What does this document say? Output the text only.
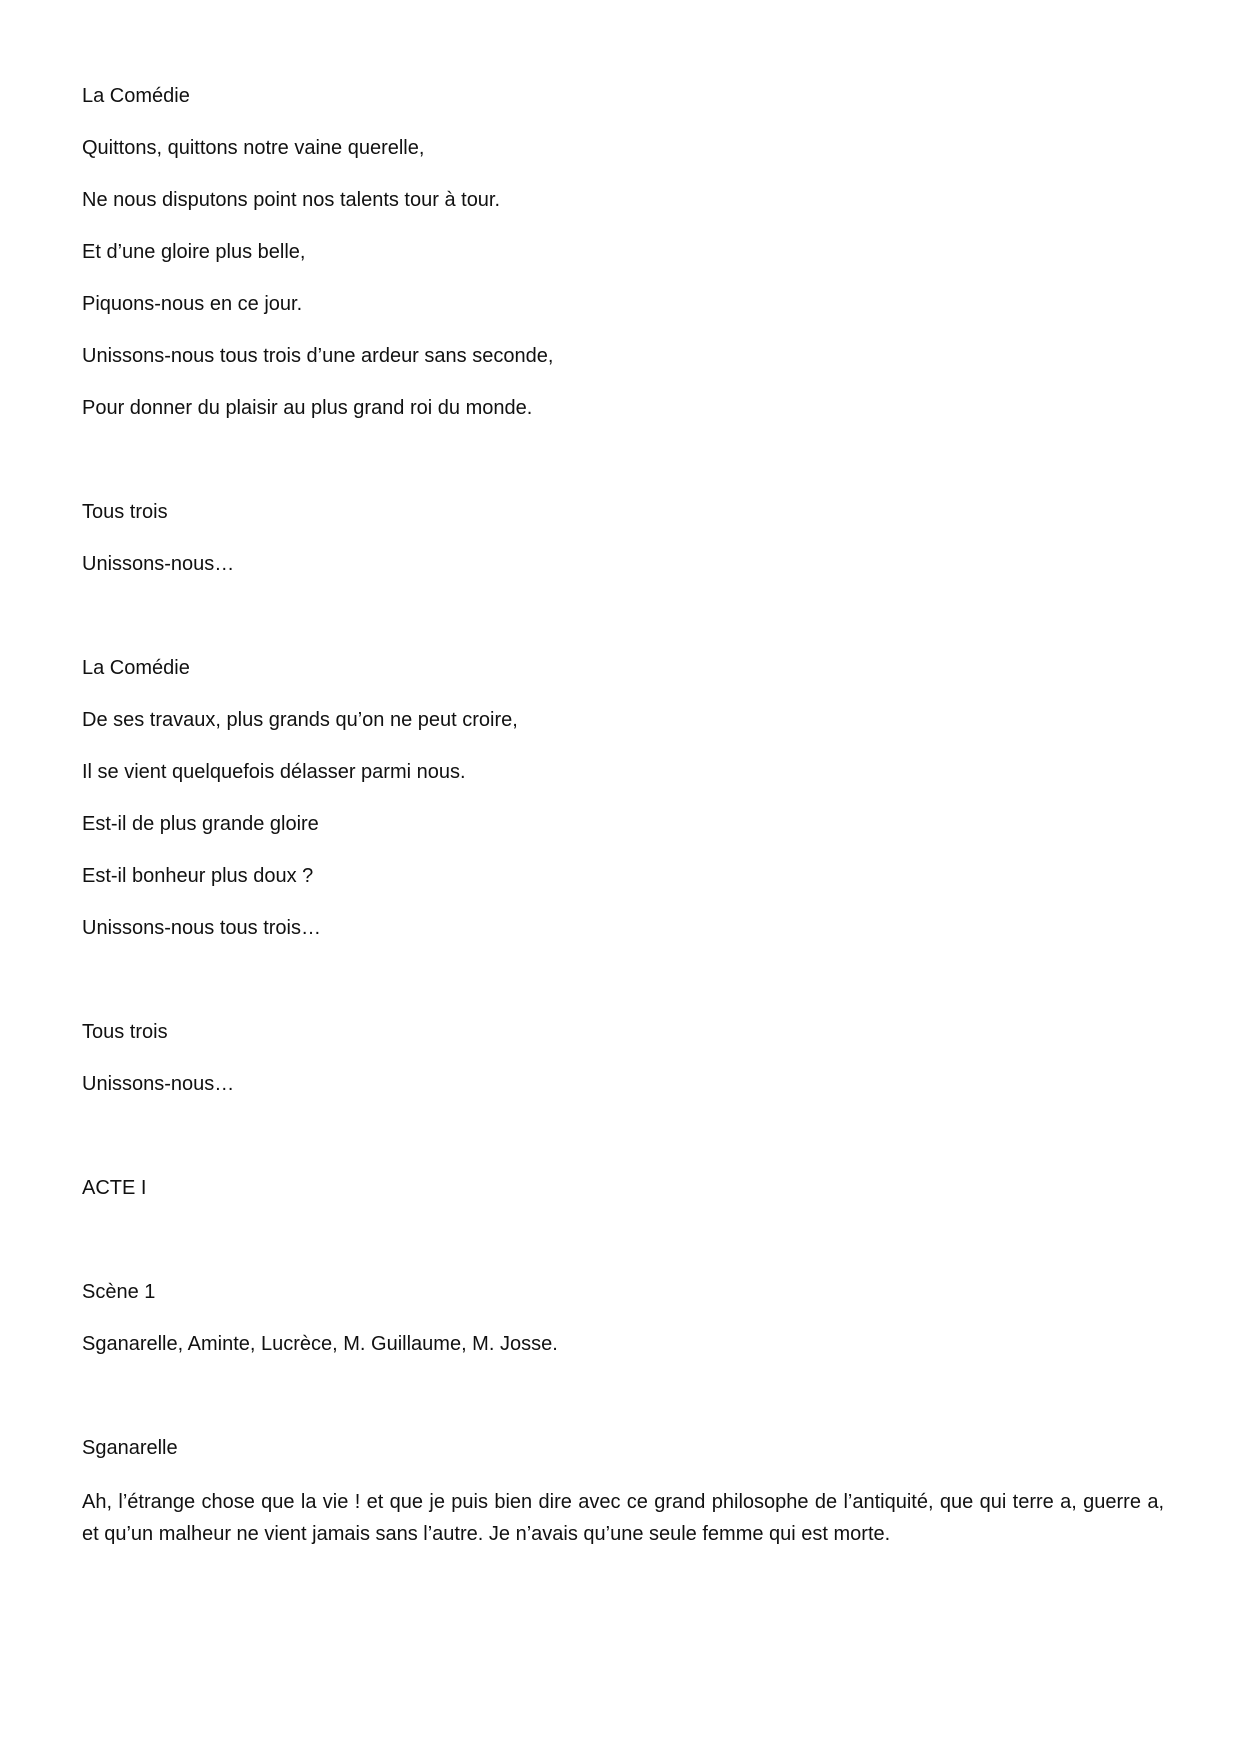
La Comédie
Quittons, quittons notre vaine querelle,
Ne nous disputons point nos talents tour à tour.
Et d’une gloire plus belle,
Piquons-nous en ce jour.
Unissons-nous tous trois d’une ardeur sans seconde,
Pour donner du plaisir au plus grand roi du monde.
Tous trois
Unissons-nous…
La Comédie
De ses travaux, plus grands qu’on ne peut croire,
Il se vient quelquefois délasser parmi nous.
Est-il de plus grande gloire
Est-il bonheur plus doux ?
Unissons-nous tous trois…
Tous trois
Unissons-nous…
ACTE I
Scène 1
Sganarelle, Aminte, Lucrèce, M. Guillaume, M. Josse.
Sganarelle

Ah, l’étrange chose que la vie ! et que je puis bien dire avec ce grand philosophe de l’antiquité, que qui terre a, guerre a, et qu’un malheur ne vient jamais sans l’autre. Je n’avais qu’une seule femme qui est morte.
